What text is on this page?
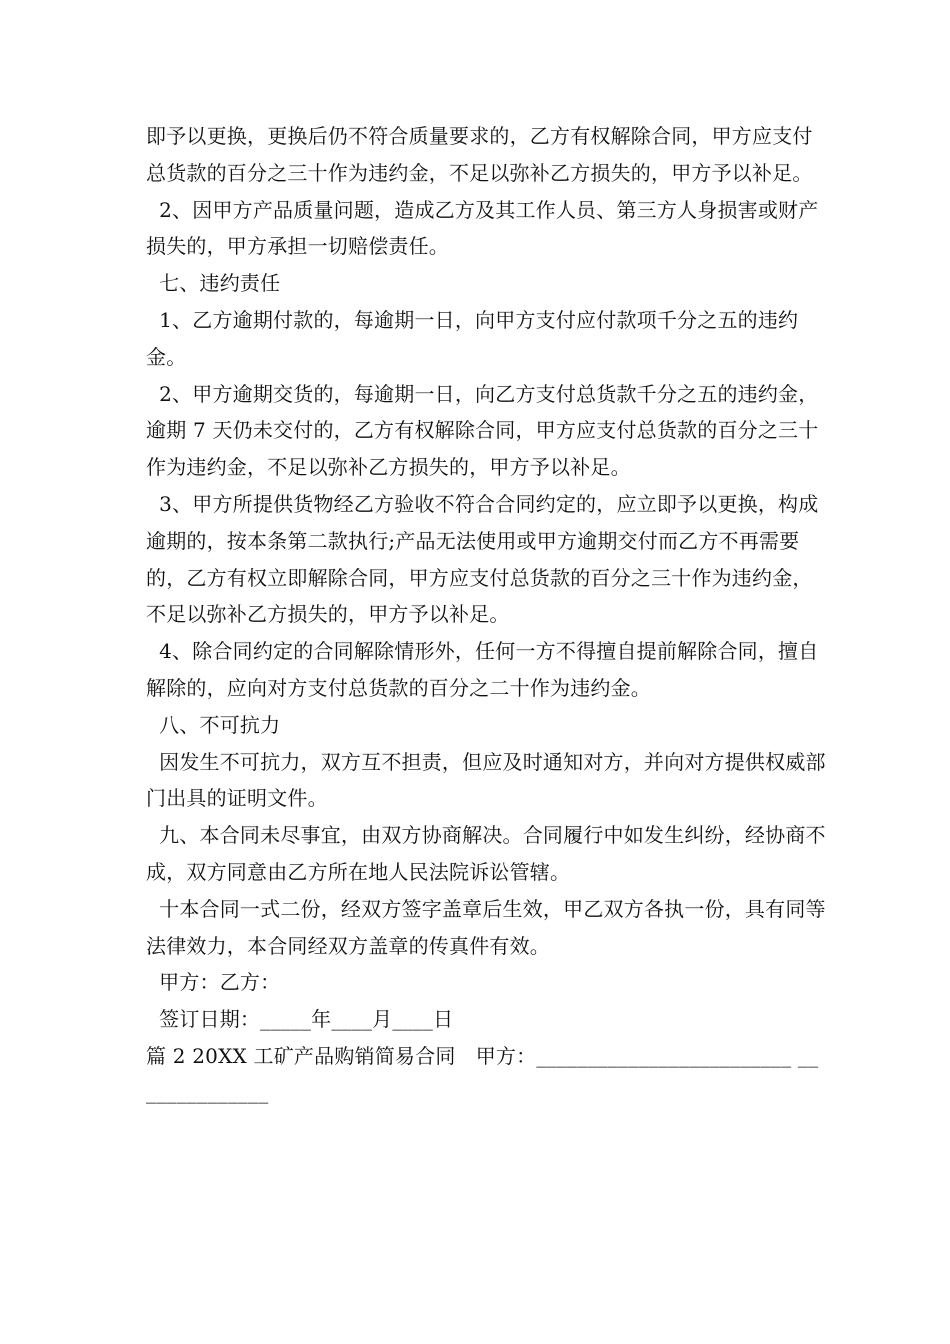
即予以更换，更换后仍不符合质量要求的，乙方有权解除合同，甲方应支付总货款的百分之三十作为违约金，不足以弥补乙方损失的，甲方予以补足。

2、因甲方产品质量问题，造成乙方及其工作人员、第三方人身损害或财产损失的，甲方承担一切赔偿责任。

七、违约责任

1、乙方逾期付款的，每逾期一日，向甲方支付应付款项千分之五的违约金。

2、甲方逾期交货的，每逾期一日，向乙方支付总货款千分之五的违约金，逾期 7 天仍未交付的，乙方有权解除合同，甲方应支付总货款的百分之三十作为违约金，不足以弥补乙方损失的，甲方予以补足。

3、甲方所提供货物经乙方验收不符合合同约定的，应立即予以更换，构成逾期的，按本条第二款执行;产品无法使用或甲方逾期交付而乙方不再需要的，乙方有权立即解除合同，甲方应支付总货款的百分之三十作为违约金，不足以弥补乙方损失的，甲方予以补足。

4、除合同约定的合同解除情形外，任何一方不得擅自提前解除合同，擅自解除的，应向对方支付总货款的百分之二十作为违约金。

八、不可抗力

因发生不可抗力，双方互不担责，但应及时通知对方，并向对方提供权威部门出具的证明文件。

九、本合同未尽事宜，由双方协商解决。合同履行中如发生纠纷，经协商不成，双方同意由乙方所在地人民法院诉讼管辖。

十本合同一式二份，经双方签字盖章后生效，甲乙双方各执一份，具有同等法律效力，本合同经双方盖章的传真件有效。

甲方：乙方：

签订日期：_____年____月____日

篇 2 20XX 工矿产品购销简易合同　甲方：_________________________ ______________
